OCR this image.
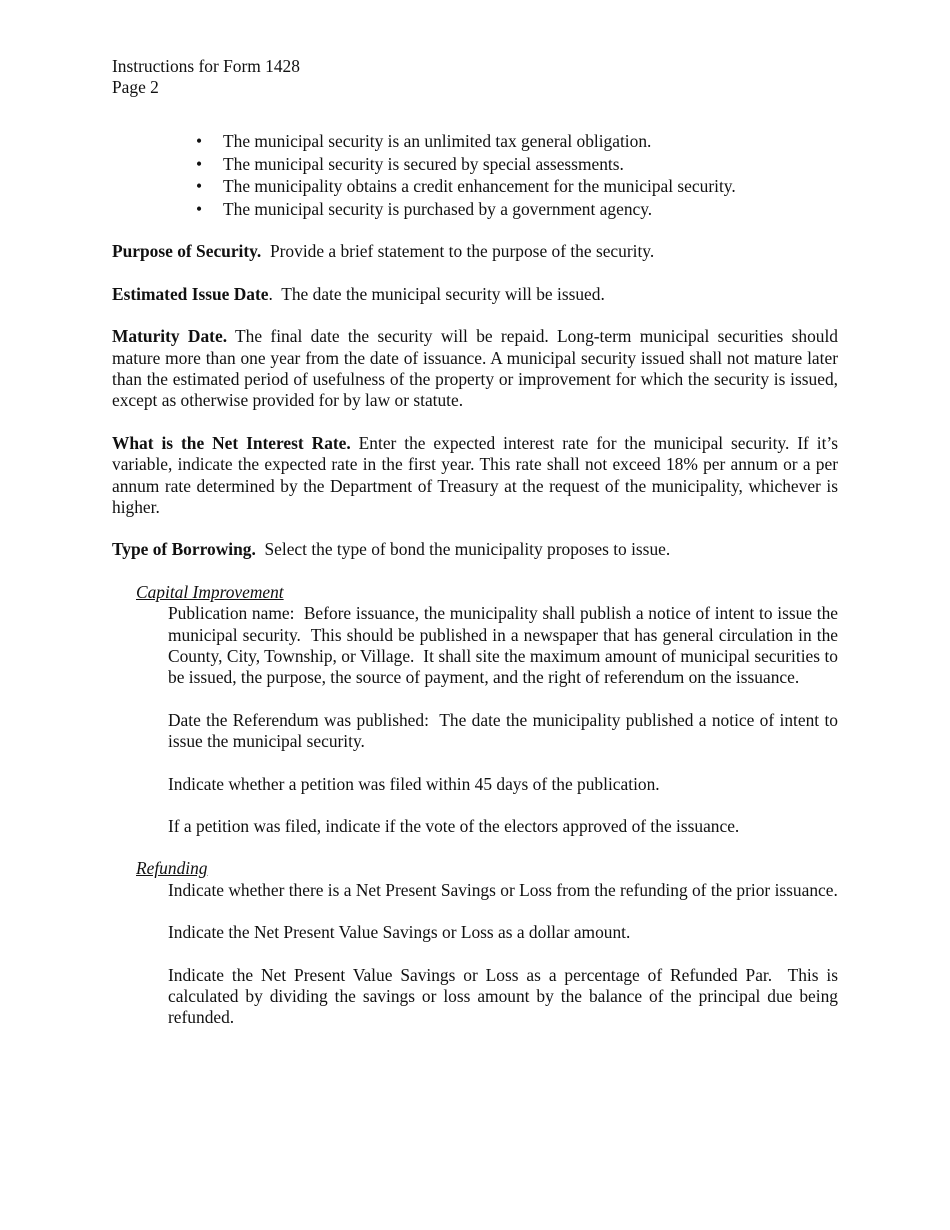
Instructions for Form 1428
Page 2
• The municipal security is an unlimited tax general obligation.
• The municipal security is secured by special assessments.
• The municipality obtains a credit enhancement for the municipal security.
• The municipal security is purchased by a government agency.

Purpose of Security.  Provide a brief statement to the purpose of the security.

Estimated Issue Date.  The date the municipal security will be issued.

Maturity Date. The final date the security will be repaid. Long-term municipal securities should mature more than one year from the date of issuance. A municipal security issued shall not mature later than the estimated period of usefulness of the property or improvement for which the security is issued, except as otherwise provided for by law or statute.

What is the Net Interest Rate. Enter the expected interest rate for the municipal security. If it’s variable, indicate the expected rate in the first year. This rate shall not exceed 18% per annum or a per annum rate determined by the Department of Treasury at the request of the municipality, whichever is higher.

Type of Borrowing.  Select the type of bond the municipality proposes to issue.

Capital Improvement

Publication name:  Before issuance, the municipality shall publish a notice of intent to issue the municipal security.  This should be published in a newspaper that has general circulation in the County, City, Township, or Village.  It shall site the maximum amount of municipal securities to be issued, the purpose, the source of payment, and the right of referendum on the issuance.

Date the Referendum was published:  The date the municipality published a notice of intent to issue the municipal security.

Indicate whether a petition was filed within 45 days of the publication.

If a petition was filed, indicate if the vote of the electors approved of the issuance.

Refunding

Indicate whether there is a Net Present Savings or Loss from the refunding of the prior issuance.

Indicate the Net Present Value Savings or Loss as a dollar amount.

Indicate the Net Present Value Savings or Loss as a percentage of Refunded Par.  This is calculated by dividing the savings or loss amount by the balance of the principal due being refunded.
